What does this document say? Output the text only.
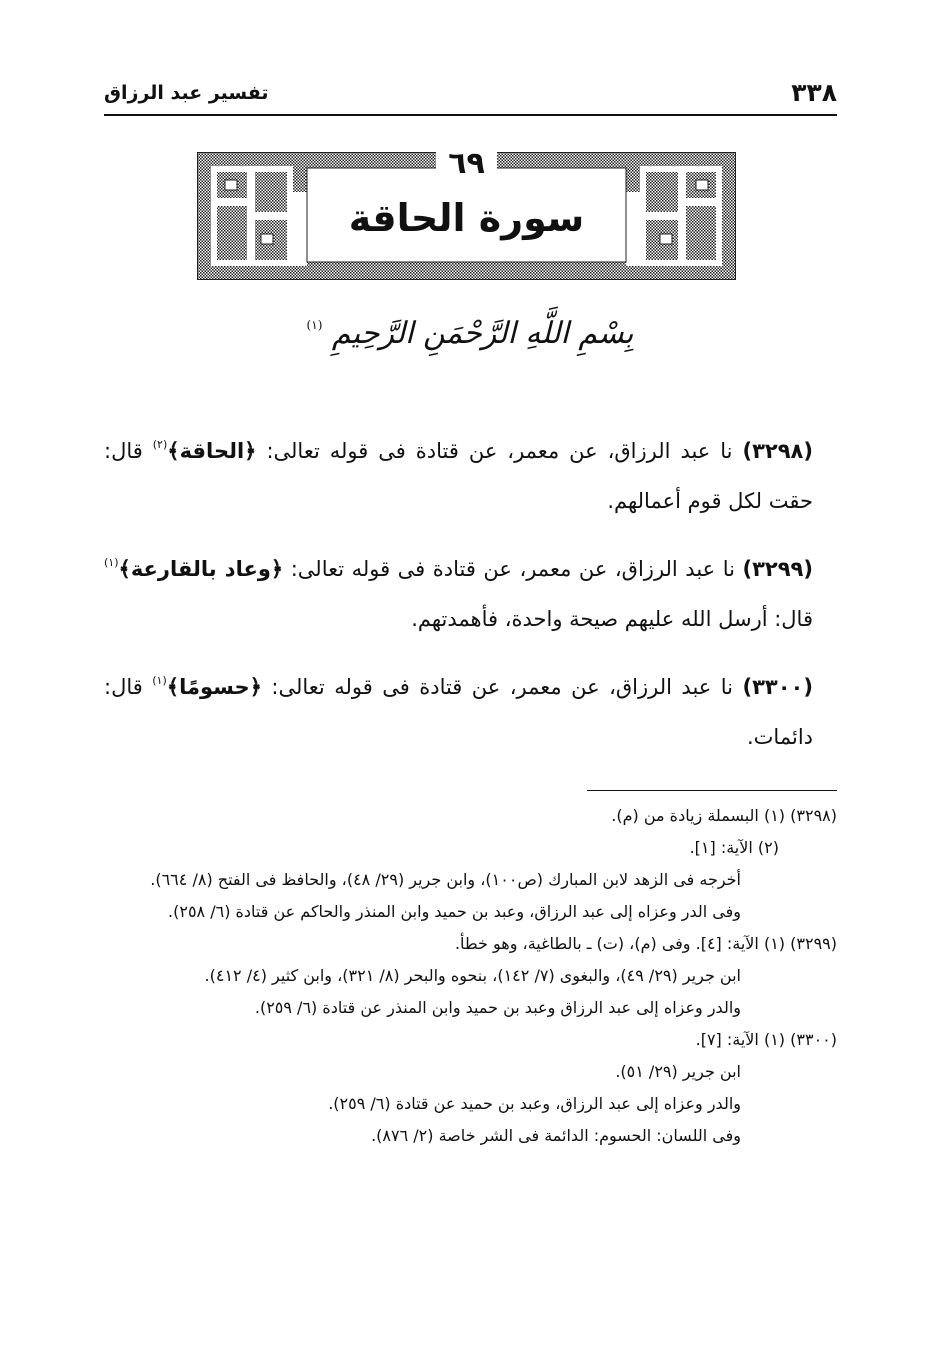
٣٣٨
تفسير عبد الرزاق
٦٩
سورة الحاقة
بِسْمِ اللَّهِ الرَّحْمَنِ الرَّحِيمِ $^{(١)}$

(٣٢٩٨) نا عبد الرزاق، عن معمر، عن قتادة فى قوله تعالى: ﴿الحاقة﴾$^{(٢)}$ قال: حقت لكل قوم أعمالهم.

(٣٢٩٩) نا عبد الرزاق، عن معمر، عن قتادة فى قوله تعالى: ﴿وعاد بالقارعة﴾$^{(١)}$ قال: أرسل الله عليهم صيحة واحدة، فأهمدتهم.

(٣٣٠٠) نا عبد الرزاق، عن معمر، عن قتادة فى قوله تعالى: ﴿حسومًا﴾$^{(١)}$ قال: دائمات.

(٣٢٩٨) (١) البسملة زيادة من (م).

(٢) الآية: [١].

أخرجه فى الزهد لابن المبارك (ص١٠٠)، وابن جرير (٢٩/ ٤٨)، والحافظ فى الفتح (٨/ ٦٦٤).

وفى الدر وعزاه إلى عبد الرزاق، وعبد بن حميد وابن المنذر والحاكم عن قتادة (٦/ ٢٥٨).

(٣٢٩٩) (١) الآية: [٤]. وفى (م)، (ت) ـ بالطاغية، وهو خطأ.

ابن جرير (٢٩/ ٤٩)، والبغوى (٧/ ١٤٢)، بنحوه والبحر (٨/ ٣٢١)، وابن كثير (٤/ ٤١٢).

والدر وعزاه إلى عبد الرزاق وعبد بن حميد وابن المنذر عن قتادة (٦/ ٢٥٩).

(٣٣٠٠) (١) الآية: [٧].

ابن جرير (٢٩/ ٥١).

والدر وعزاه إلى عبد الرزاق، وعبد بن حميد عن قتادة (٦/ ٢٥٩).

وفى اللسان: الحسوم: الدائمة فى الشر خاصة (٢/ ٨٧٦).
